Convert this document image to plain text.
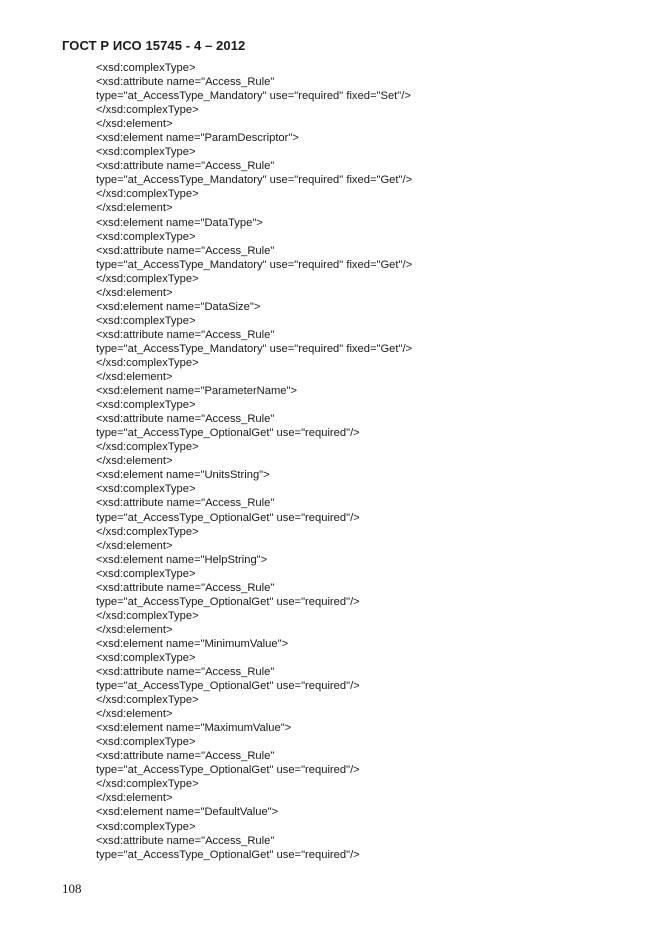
ГОСТ Р ИСО 15745 - 4 – 2012
<xsd:complexType>
<xsd:attribute name="Access_Rule"
type="at_AccessType_Mandatory" use="required" fixed="Set"/>
</xsd:complexType>
</xsd:element>
<xsd:element name="ParamDescriptor">
<xsd:complexType>
<xsd:attribute name="Access_Rule"
type="at_AccessType_Mandatory" use="required" fixed="Get"/>
</xsd:complexType>
</xsd:element>
<xsd:element name="DataType">
<xsd:complexType>
<xsd:attribute name="Access_Rule"
type="at_AccessType_Mandatory" use="required" fixed="Get"/>
</xsd:complexType>
</xsd:element>
<xsd:element name="DataSize">
<xsd:complexType>
<xsd:attribute name="Access_Rule"
type="at_AccessType_Mandatory" use="required" fixed="Get"/>
</xsd:complexType>
</xsd:element>
<xsd:element name="ParameterName">
<xsd:complexType>
<xsd:attribute name="Access_Rule"
type="at_AccessType_OptionalGet" use="required"/>
</xsd:complexType>
</xsd:element>
<xsd:element name="UnitsString">
<xsd:complexType>
<xsd:attribute name="Access_Rule"
type="at_AccessType_OptionalGet" use="required"/>
</xsd:complexType>
</xsd:element>
<xsd:element name="HelpString">
<xsd:complexType>
<xsd:attribute name="Access_Rule"
type="at_AccessType_OptionalGet" use="required"/>
</xsd:complexType>
</xsd:element>
<xsd:element name="MinimumValue">
<xsd:complexType>
<xsd:attribute name="Access_Rule"
type="at_AccessType_OptionalGet" use="required"/>
</xsd:complexType>
</xsd:element>
<xsd:element name="MaximumValue">
<xsd:complexType>
<xsd:attribute name="Access_Rule"
type="at_AccessType_OptionalGet" use="required"/>
</xsd:complexType>
</xsd:element>
<xsd:element name="DefaultValue">
<xsd:complexType>
<xsd:attribute name="Access_Rule"
type="at_AccessType_OptionalGet" use="required"/>
108
